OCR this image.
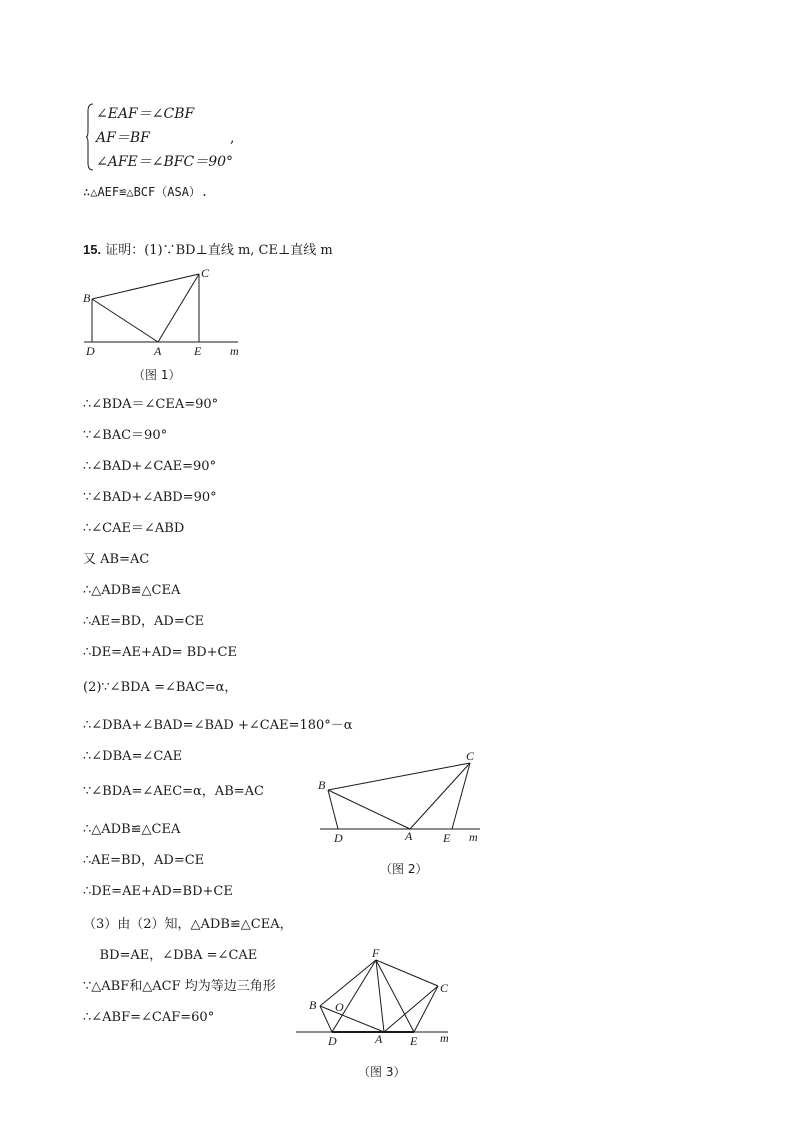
∠EAF＝∠CBF
AF＝BF
∠AFE＝∠BFC＝90°
,
∴△AEF≌△BCF（ASA）.
15. 证明：(1)∵BD⊥直线 m, CE⊥直线 m
B
C
D	A	E m
（图 1）
∴∠BDA＝∠CEA=90°
∵∠BAC＝90°
∴∠BAD+∠CAE=90°
∵∠BAD+∠ABD=90°
∴∠CAE＝∠ABD
又 AB=AC
∴△ADB≌△CEA
∴AE=BD，AD=CE
∴DE=AE+AD= BD+CE
(2)∵∠BDA =∠BAC=α，
∴∠DBA+∠BAD=∠BAD +∠CAE=180°－α
∴∠DBA=∠CAE
∵∠BDA=∠AEC=α，AB=AC
∴△ADB≌△CEA
∴AE=BD，AD=CE
∴DE=AE+AD=BD+CE
B
C
D	A	E m
（图 2）
（3）由（2）知，△ADB≌△CEA，
BD=AE，∠DBA =∠CAE
∵△ABF和△ACF 均为等边三角形
∴∠ABF=∠CAF=60°
F
B O
C
D	A E m
（图 3）
